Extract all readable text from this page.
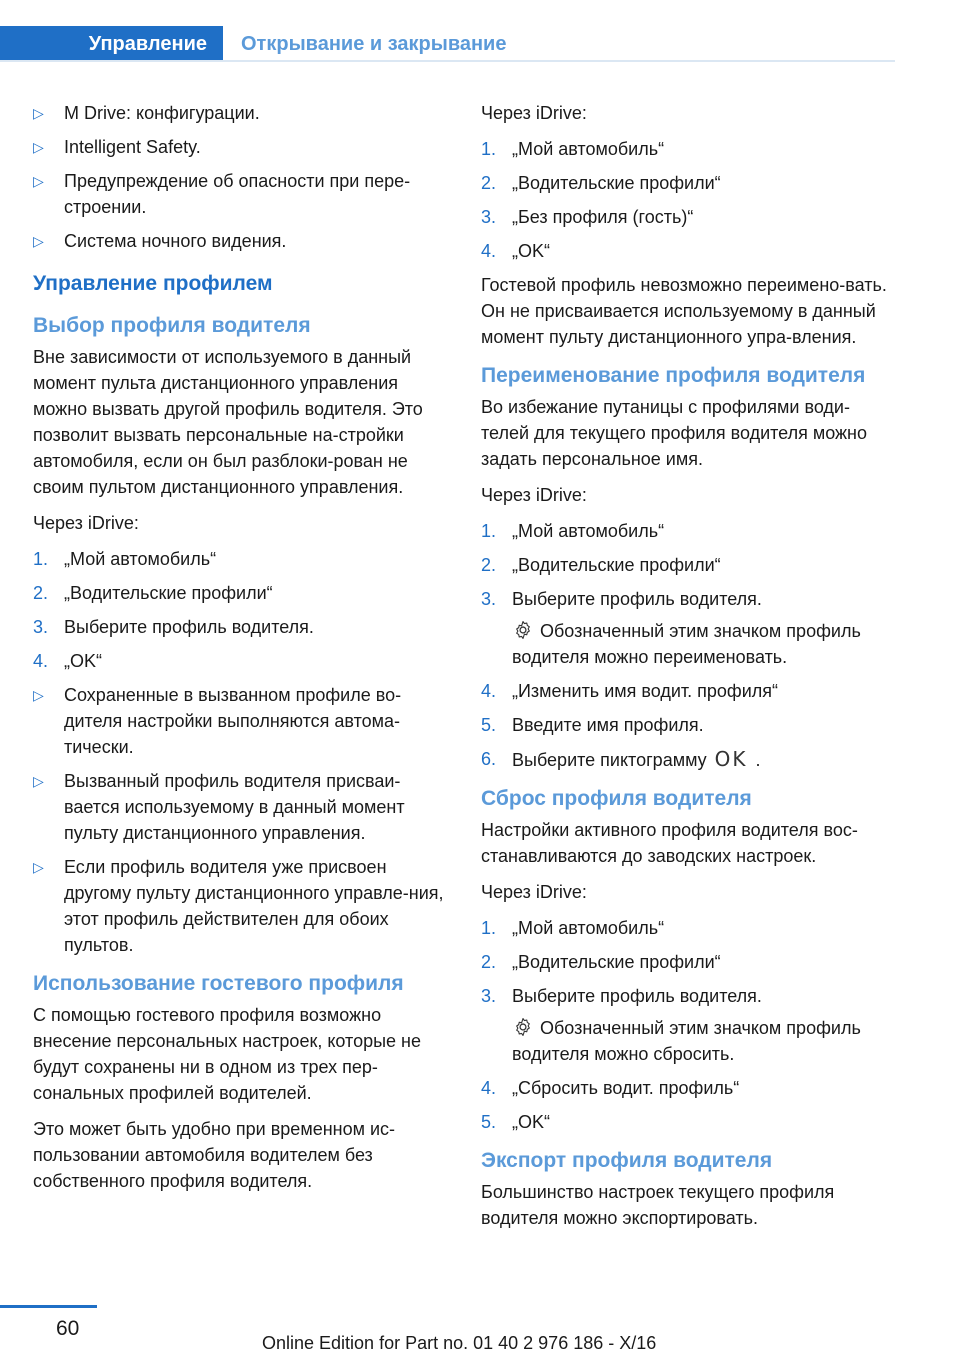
Управление	Открывание и закрывание
▷ M Drive: конфигурации.
▷ Intelligent Safety.
▷ Предупреждение об опасности при пере‐строении.
▷ Система ночного видения.
Управление профилем
Выбор профиля водителя

Вне зависимости от используемого в данный момент пульта дистанционного управления можно вызвать другой профиль водителя. Это позволит вызвать персональные на‐стройки автомобиля, если он был разблоки‐рован не своим пультом дистанционного управления.

Через iDrive:

1. „Мой автомобиль“
2. „Водительские профили“
3. Выберите профиль водителя.
4. „OK“
▷ Сохраненные в вызванном профиле во‐дителя настройки выполняются автома‐тически.
▷ Вызванный профиль водителя присваи‐вается используемому в данный момент пульту дистанционного управления.
▷ Если профиль водителя уже присвоен другому пульту дистанционного управле‐ния, этот профиль действителен для обоих пультов.
Использование гостевого профиля

С помощью гостевого профиля возможно внесение персональных настроек, которые не будут сохранены ни в одном из трех пер‐сональных профилей водителей.

Это может быть удобно при временном ис‐пользовании автомобиля водителем без собственного профиля водителя.

Через iDrive:

1. „Мой автомобиль“
2. „Водительские профили“
3. „Без профиля (гость)“
4. „OK“

Гостевой профиль невозможно переимено‐вать. Он не присваивается используемому в данный момент пульту дистанционного упра‐вления.

Переименование профиля водителя

Во избежание путаницы с профилями води‐телей для текущего профиля водителя можно задать персональное имя.

Через iDrive:

1. „Мой автомобиль“
2. „Водительские профили“
3. Выберите профиль водителя.
Обозначенный этим значком профиль водителя можно переименовать.
4. „Изменить имя водит. профиля“
5. Введите имя профиля.
6. Выберите пиктограмму OK .
Сброс профиля водителя

Настройки активного профиля водителя вос‐станавливаются до заводских настроек.

Через iDrive:

1. „Мой автомобиль“
2. „Водительские профили“
3. Выберите профиль водителя.
Обозначенный этим значком профиль водителя можно сбросить.
4. „Сбросить водит. профиль“
5. „OK“
Экспорт профиля водителя

Большинство настроек текущего профиля водителя можно экспортировать.

60
Online Edition for Part no. 01 40 2 976 186 - X/16
